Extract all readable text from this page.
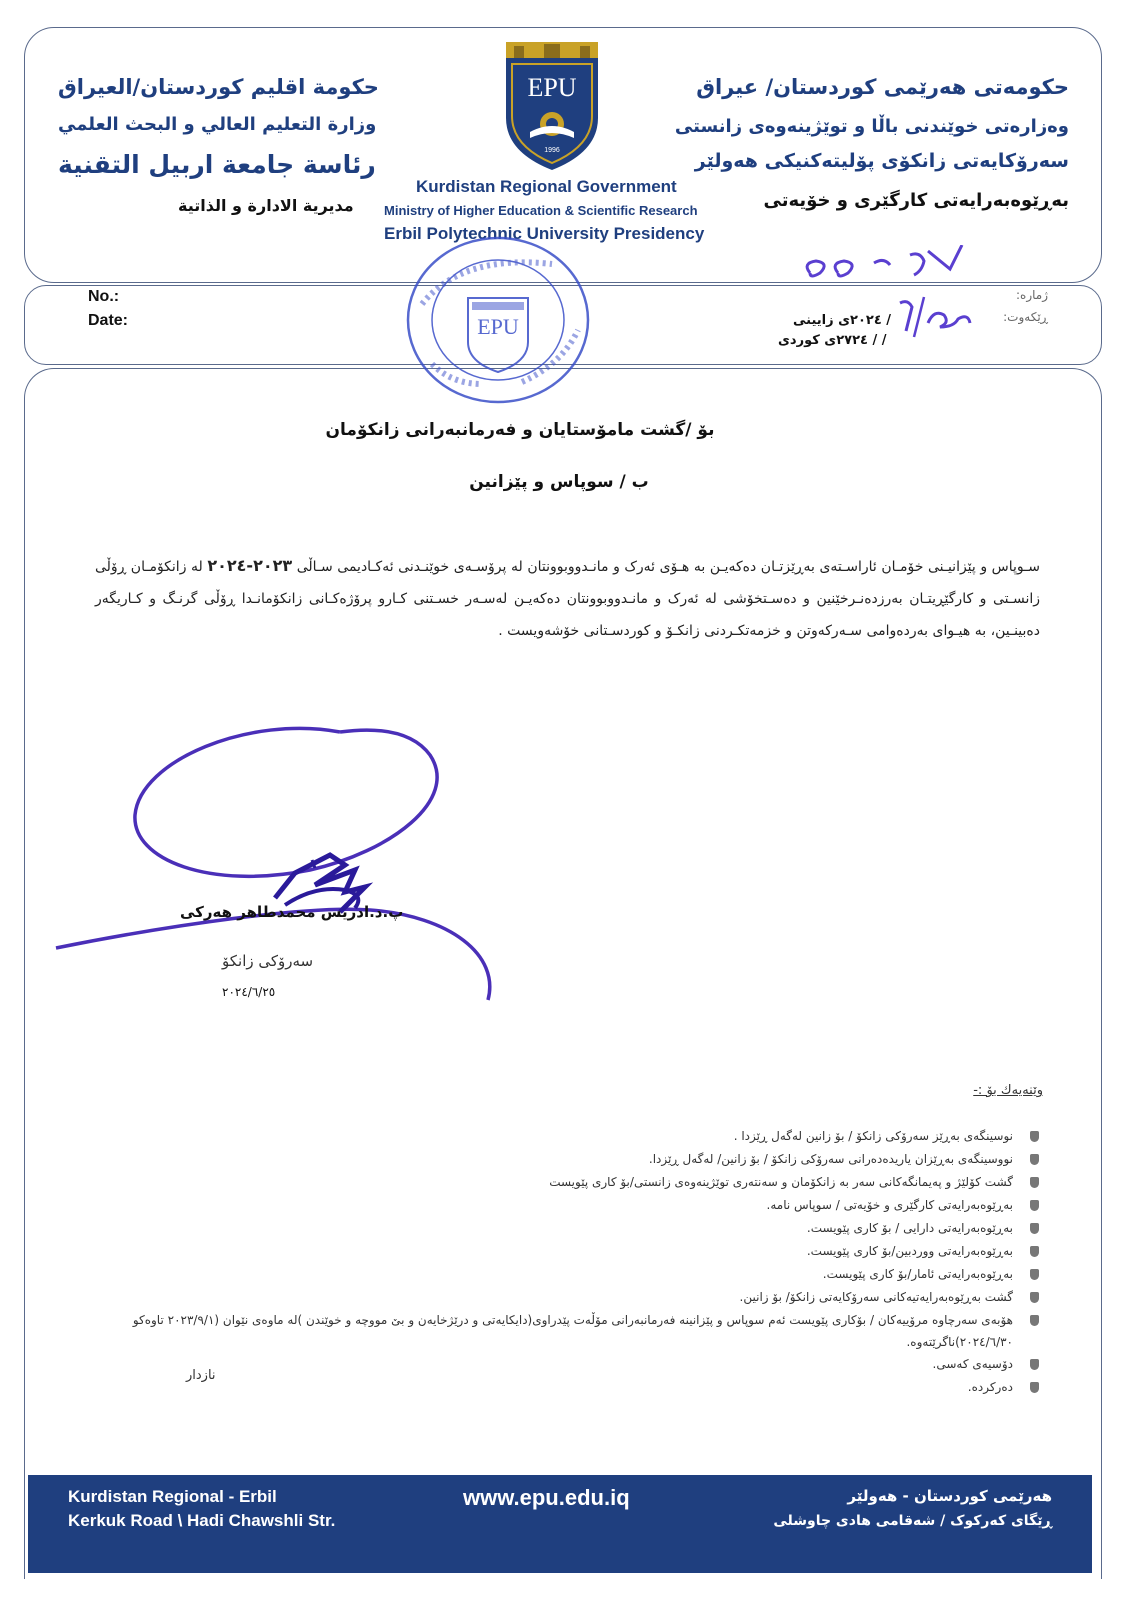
حكومة اقليم كوردستان/العيراق
وزارة التعليم العالي و البحث العلمي
رئاسة جامعة اربيل التقنية
مديرية الادارة و الذاتية
حکومەتی هەرێمی کوردستان/ عیراق
وەزارەتی خوێندنی باڵا و توێژینەوەی زانستی
سەرۆکایەتی زانکۆی پۆلیتەکنیکی هەولێر
بەڕێوەبەرایەتی کارگێری و خۆیەتی
EPU
1996
Kurdistan Regional Government
Ministry of Higher Education & Scientific Research
Erbil Polytechnic University Presidency
EPU
No.:
Date:
ژمارە:
ڕێکەوت:
/ ۲۰۲٤ی زایینی
/ / ۲۷۲٤ی کوردی
بۆ /گشت مامۆستایان و فەرمانبەرانی زانکۆمان
ب / سوپاس و پێزانین

سـوپاس و پێزانیـنی خۆمـان ئاراسـتەی بەڕێزتـان دەکەیـن بە هـۆی ئەرک و مانـدووبوونتان لە پرۆسـەی خوێنـدنی ئەکـادیمی سـاڵی ۲۰۲۳-۲۰۲٤ لە زانکۆمـان ڕۆڵی زانسـتی و کارگێڕیتـان بەرزدەنـرخێنین و دەسـتخۆشی لە ئەرک و مانـدووبوونتان دەکەیـن لەسـەر خسـتنی کـارو پرۆژەکـانی زانکۆمانـدا ڕۆڵی گرنـگ و کـاریگەر دەبینـین، بە هیـوای بەردەوامی سـەرکەوتن و خزمەتکـردنی زانکـۆ و کوردسـتانی خۆشەویست .

پ.د.ادريس محمدطاهر هەرکی
سەرۆکی زانکۆ
۲۰۲٤/٦/٢٥
وێنەیەك بۆ :-
نوسینگەی بەڕێز سەرۆکی زانکۆ / بۆ زانین لەگەل ڕێزدا .
نووسینگەی بەڕێزان یاریدەدەرانی سەرۆکی زانکۆ / بۆ زانین/ لەگەل ڕێزدا.
گشت کۆلێژ و پەیمانگەکانی سەر بە زانکۆمان و سەنتەری توێژینەوەی زانستی/بۆ کاری پێویست
بەڕێوەبەرایەتی کارگێری و خۆیەتی / سوپاس نامە.
بەڕێوەبەرایەتی دارایی / بۆ کاری پێویست.
بەڕێوەبەرایەتی ووردبین/بۆ کاری پێویست.
بەڕێوەبەرایەتی ئامار/بۆ کاری پێویست.
گشت بەڕێوەبەرایەتیەکانی سەرۆکایەتی زانکۆ/ بۆ زانین.
هۆبەی سەرچاوە مرۆییەکان / بۆکاری پێویست ئەم سوپاس و پێزانینە فەرمانبەرانی مۆڵەت پێدراوی(دایکایەتی و درێژخایەن و بێ مووچە و خوێندن )لە ماوەی نێوان (۲۰۲۳/۹/۱ تاوەکو ۲۰۲٤/٦/۳۰)ناگرێتەوە.
دۆسیەی کەسی.
دەرکردە.
نازدار
Kurdistan Regional - Erbil
Kerkuk Road \ Hadi Chawshli Str.
www.epu.edu.iq	هەرێمی کوردستان - هەولێر
ڕێگای کەرکوک / شەقامی هادی چاوشلی
